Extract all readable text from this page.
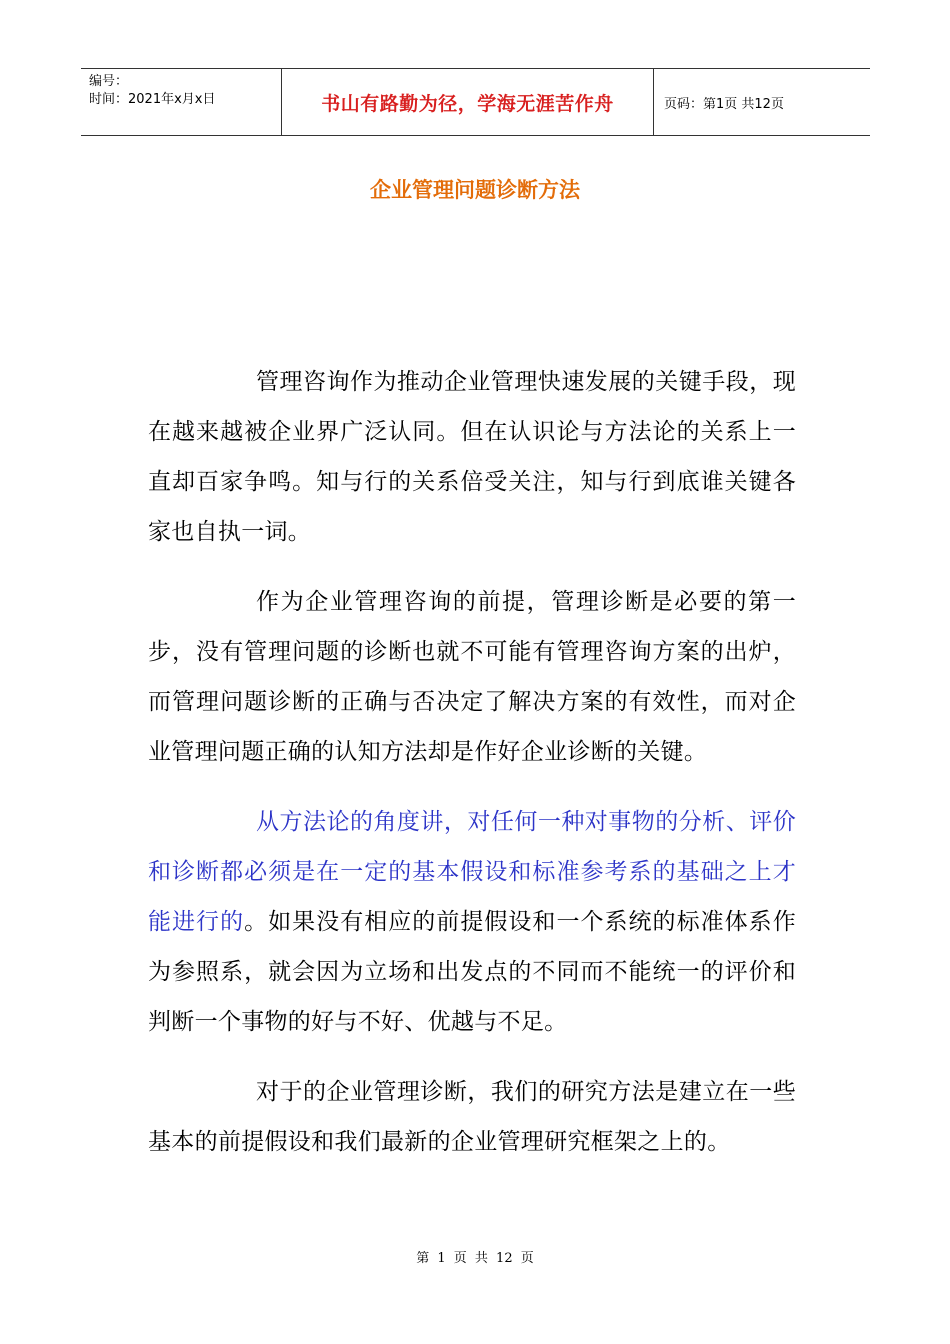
编号：
时间：2021年x月x日	书山有路勤为径，学海无涯苦作舟	页码：第1页 共12页
企业管理问题诊断方法

管理咨询作为推动企业管理快速发展的关键手段，现在越来越被企业界广泛认同。但在认识论与方法论的关系上一直却百家争鸣。知与行的关系倍受关注，知与行到底谁关键各家也自执一词。

作为企业管理咨询的前提，管理诊断是必要的第一步，没有管理问题的诊断也就不可能有管理咨询方案的出炉，而管理问题诊断的正确与否决定了解决方案的有效性，而对企业管理问题正确的认知方法却是作好企业诊断的关键。

从方法论的角度讲，对任何一种对事物的分析、评价和诊断都必须是在一定的基本假设和标准参考系的基础之上才能进行的。如果没有相应的前提假设和一个系统的标准体系作为参照系，就会因为立场和出发点的不同而不能统一的评价和判断一个事物的好与不好、优越与不足。

对于的企业管理诊断，我们的研究方法是建立在一些基本的前提假设和我们最新的企业管理研究框架之上的。

第 1 页 共 12 页
